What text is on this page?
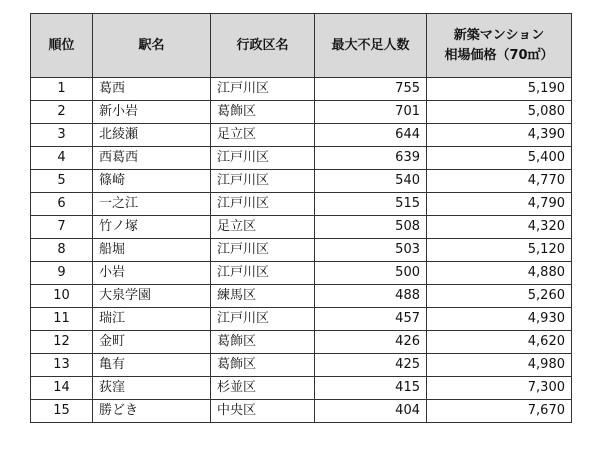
順位	駅名	行政区名	最大不足人数	新築マンション
相場価格（70㎡）

1	葛西	江戸川区	755	5,190
2	新小岩	葛飾区	701	5,080
3	北綾瀬	足立区	644	4,390
4	西葛西	江戸川区	639	5,400
5	篠崎	江戸川区	540	4,770
6	一之江	江戸川区	515	4,790
7	竹ノ塚	足立区	508	4,320
8	船堀	江戸川区	503	5,120
9	小岩	江戸川区	500	4,880
10	大泉学園	練馬区	488	5,260
11	瑞江	江戸川区	457	4,930
12	金町	葛飾区	426	4,620
13	亀有	葛飾区	425	4,980
14	荻窪	杉並区	415	7,300
15	勝どき	中央区	404	7,670
